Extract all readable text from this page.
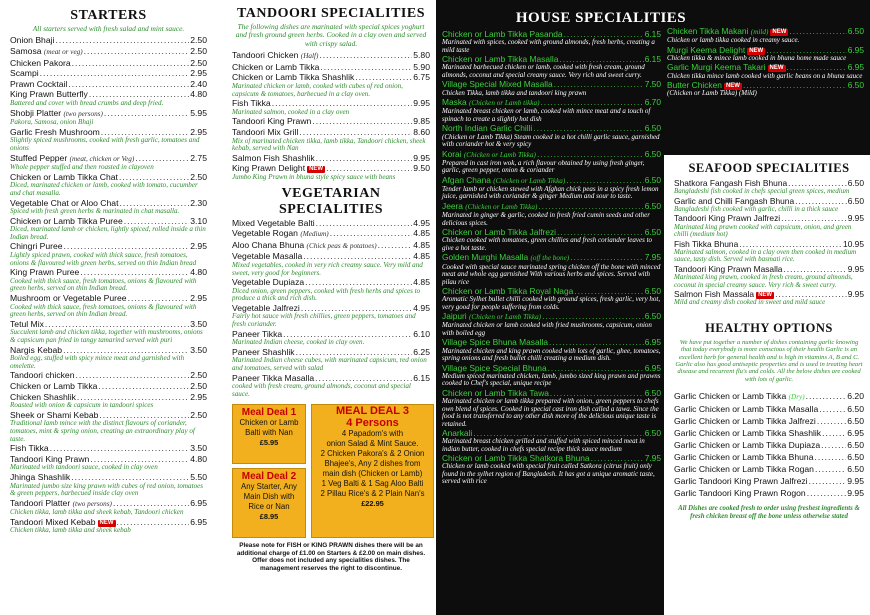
STARTERS
All starters served with fresh salad and mint sauce.
Onion Bhaji .....	2.50
Samosa (meat or veg) .....	2.50
Chicken Pakora .....	2.50
Scampi .....	2.95
Prawn Cocktail .....	2.40
King Prawn Butterfly .....	4.80
Battered and cover with bread crumbs and deep fried.
Shobji Platter (two persons) .....	5.95
Pakora, Samosa, onion Bhaji
Garlic Fresh Mushroom .....	2.95
Slightly spiced mushrooms, cooked with fresh garlic, tomatoes and onions
Stuffed Pepper (meat, chicken or Veg) .....	2.75
Whole pepper stuffed and then roasted in clayoven
Chicken or Lamb Tikka Chat .....	2.50
Diced, marinated chicken or lamb, cooked with tomato, cucumber and chat masalla.
Vegetable Chat or Aloo Chat .....	2.30
Spiced with fresh green herbs & marinated in chat masalla.
Chicken or Lamb Tikka Puree .....	3.10
Diced, marinated lamb or chicken, lightly spiced, rolled inside a thin Indian bread.
Chingri Puree .....	2.95
Lightly spiced prawn, cooked with thick sauce, fresh tomatoes, onions & flavoured with green herbs, served on thin Indian bread
King Prawn Puree .....	4.80
Cooked with thick sauce, fresh tomatoes, onions & flavoured with green herbs, served on thin Indian bread.
Mushroom or Vegetable Puree .....	2.95
Cooked with thick sauce, fresh tomatoes, onions & flavoured with green herbs, served on thin Indian bread.
Tetul Mix .....	3.50
Succulent lamb and chicken tikka, together with mushrooms, onions & capsicum pan fried in tangy tamarind served with puri
Nargis Kebab .....	3.50
Boiled egg, stuffed with spicy mince meat and garnished with omelette.
Tandoori chicken .....	2.50
Chicken or Lamb Tikka .....	2.50
Chicken Shashlik .....	2.95
Roasted with onion & capsicum in tandoori spices
Sheek or Shami Kebab .....	2.50
Traditional lamb mince with the distinct flavours of coriander, tomatoes, mint & spring onion, creating an extraordinary play of taste.
Fish Tikka .....	3.50
Tandoori King Prawn .....	4.80
Marinated with tandoori sauce, cooked in clay oven
Jhinga Shashlik .....	5.50
Marinated jumbo size king prawn with cubes of red onion, tomatoes & green peppers, barbecued inside clay oven
Tandoori Platter (two persons) .....	6.95
Chicken tikka, lamb tikka and sheek kebab, Tandoori chicken
Tandoori Mixed Kebab NEW .....	6.95
Chicken tikka, lamb tikka and sheek kebab
TANDOORI SPECIALITIES
The following dishes are marinated with special spices yoghurt and fresh ground green herbs. Cooked in a clay oven and served with crispy salad.
Tandoori Chicken (Half) .....	5.80
Chicken or Lamb Tikka .....	5.90
Chicken or Lamb Tikka Shashlik .....	6.75
Marinated chicken or lamb, cooked with cubes of red onion, capsicum & tomatoes, barbecued in a clay oven.
Fish Tikka .....	9.95
Marinated salmon, cooked in a clay oven
Tandoori King Prawn .....	9.85
Tandoori Mix Grill .....	8.60
Mix of marinated chicken tikka, lamb tikka, Tandoori chicken, sheek kebab, served with Nan
Salmon Fish Shashlik .....	9.95
King Prawn Delight NEW .....	9.50
Jumbo King Prawn in bhuna style spicy sauce with beans
VEGETARIAN SPECIALITIES
Mixed Vegetable Balti .....	4.95
Vegetable Rogan (Medium) .....	4.85
Aloo Chana Bhuna (Chick peas & potatoes) .....	4.85
Vegetable Masalla .....	4.85
Mixed vegetables, cooked in very rich creamy sauce. Very mild and sweet, very good for beginners.
Vegetable Dupiaza .....	4.85
Diced onion, green peppers, cooked with fresh herbs and spices to produce a thick and rich dish.
Vegetable Jalfrezi .....	4.95
Fairly hot sauce with fresh chillies, green peppers, tomatoes and fresh coriander.
Paneer Tikka .....	6.10
Marinated Indian cheese, cooked in clay oven.
Paneer Shashlik .....	6.25
Marinated Indian cheese cubes, with marinated capsicum, red onion and tomatoes, served with salad
Paneer Tikka Masalla .....	6.15
cooked with fresh cream, ground almonds, coconut and special sauce.
Meal Deal 1
Chicken or Lamb
Balti with Nan
£5.95
Meal Deal 2
Any Starter, Any
Main Dish with
Rice or Nan
£8.95
MEAL DEAL 3
4 Persons
4 Papadom's with
onion Salad & Mint Sauce.
2 Chicken Pakora's & 2 Onion
Bhajee's, Any 2 dishes from
main dish (Chicken or Lamb)
1 Veg Balti & 1 Sag Aloo Balti
2 Pillau Rice's & 2 Plain Nan's
£22.95
Please note for FISH or KING PRAWN dishes there will be an additional charge of £1.00 on Starters & £2.00 on main dishes. Offer does not included any specialities dishes. The management reserves the right to discontinue.
HOUSE SPECIALITIES
Chicken or Lamb Tikka Pasanda .....	6.15
Marinated with spices, cooked with ground almonds, fresh herbs, creating a mild taste
Chicken or Lamb Tikka Masalla .....	6.15
Marinated barbecued chicken or lamb, cooked with fresh cream, ground almonds, coconut and special creamy sauce. Very rich and sweet curry.
Village Special Mixed Masalla .....	7.50
Chicken Tikka, lamb tikka and tandoori king prawn
Maska (Chicken or Lamb tikka) .....	6.70
Marinated breast chicken or lamb, cooked with mince meat and a touch of spinach to create a slightly hot dish
North Indian Garlic Chilli .....	6.50
(Chicken or Lamb Tikka) Steam cooked in a hot chilli garlic sauce, garnished with coriander hot & very spicy
Korai (Chicken or Lamb Tikka) .....	6.50
Prepared in cast iron wok, a rich flavour obtained by using fresh ginger, garlic, green pepper, onion & coriander
Afgan Chana (Chicken or Lamb Tikka) .....	6.50
Tender lamb or chicken stewed with Afghan chick peas in a spicy fresh lemon juice, garnished with coriander & ginger Medium and sour to taste.
Jeera (Chicken or Lamb Tikka) .....	6.50
Marinated in ginger & garlic, cooked in fresh fried cumin seeds and other delicious spices.
Chicken or Lamb Tikka Jalfrezi .....	6.50
Chicken cooked with tomatoes, green chillies and fresh coriander leaves to give a hot taste.
Golden Murghi Masalla (off the bone) .....	7.95
Cooked with special sauce marinated spring chicken off the bone with minced meat and whole egg garnished With various herbs and spices. Served with pilau rice
Chicken or Lamb Tikka Royal Naga .....	6.50
Aromatic Sylhet bullet chilli cooked with ground spices, fresh garlic, very hot, very good for people suffering from colds.
Jaipuri (Chicken or Lamb Tikka) .....	6.50
Marinated chicken or lamb cooked with fried mushrooms, capsicum, onion with boiled egg
Village Spice Bhuna Masalla .....	6.95
Marinated chicken and king prawn cooked with lots of garlic, ghee, tomatoes, spring onions and fresh bullet chilli creating a medium dish.
Village Spice Special Bhuna .....	6.95
Medium spiced marinated chicken, lamb, jumbo sized king prawn and prawns cooked to Chef's special, unique recipe
Chicken or Lamb Tikka Tawa .....	6.50
Marinated chicken or lamb tikka prepared with onion, green peppers to chefs own blend of spices. Cooked in special cast iron dish called a tawa. Since the food is not transferred to any other dish more of the delicious unique taste is retained.
Anarkali .....	6.50
Marinated breast chicken grilled and stuffed with spiced minced meat in indian butter, cooked in chefs special recipe thick sauce medium
Chicken or Lamb Tikka Shatkora Bhuna .....	7.95
Chicken or lamb cooked with special fruit called Satkora (citrus fruit) only found in the sylhet region of Bangladesh. It has got a unique aromatic taste, served with rice
Chicken Tikka Makani (mild) NEW .....	6.50
Chicken or lamb tikka cooked in creamy sauce.
Murgi Keema Delight NEW .....	6.95
Chicken tikka & mince lamb cooked in bhuna home made sauce
Garlic Murgi Keema Takari NEW .....	6.95
Chicken tikka mince lamb cooked with garlic beans on a bhuna sauce
Butter Chicken NEW .....	6.50
(Chicken or Lamb Tikka) (Mild)
SEAFOOD SPECIALITIES
Shatkora Fangash Fish Bhuna .....	6.50
Bangladeshi fish cooked in chefs special green spices, medium
Garlic and Chilli Fangash Bhuna .....	6.50
Bangladeshi fish cooked with garlic, chilli in a thick sauce
Tandoori King Prawn Jalfrezi .....	9.95
Marinated king prawn cooked with capsicum, onion, and green chilli (medium hot)
Fish Tikka Bhuna .....	10.95
Marinated salmon, cooked in a clay oven then cooked in medium sauce, tasty dish. Served with basmati rice.
Tandoori King Prawn Masalla .....	9.95
Marinated king prawn, cooked in fresh cream, ground almonds, coconut in special creamy sauce. Very rich & sweet curry.
Salmon Fish Massala NEW .....	9.95
Mild and creamy dish cooked in sweet and mild sauce
HEALTHY OPTIONS
We have put together a number of dishes containing garlic knowing that today everybody is more conscious of their health Garlic is an excellent herb for general health and is high in vitamins A, B and C. Garlic also has good antiseptic properties and is used in treating heart disease and recurrent flu's and colds. All the below dishes are cooked with lots of garlic.
Garlic Chicken or Lamb Tikka (Dry) .....	6.20
Garlic Chicken or Lamb Tikka Masalla .....	6.50
Garlic Chicken or Lamb Tikka Jalfrezi .....	6.50
Garlic Chicken or Lamb Tikka Shashlik .....	6.95
Garlic Chicken or Lamb Tikka Dupiaza .....	6.50
Garlic Chicken or Lamb Tikka Bhuna .....	6.50
Garlic Chicken or Lamb Tikka Rogan .....	6.50
Garlic Tandoori King Prawn Jalfrezi .....	9.95
Garlic Tandoori King Prawn Rogon .....	9.95
All Dishes are cooked fresh to order using freshest ingredients & fresh chicken breast off the bone unless otherwise stated
